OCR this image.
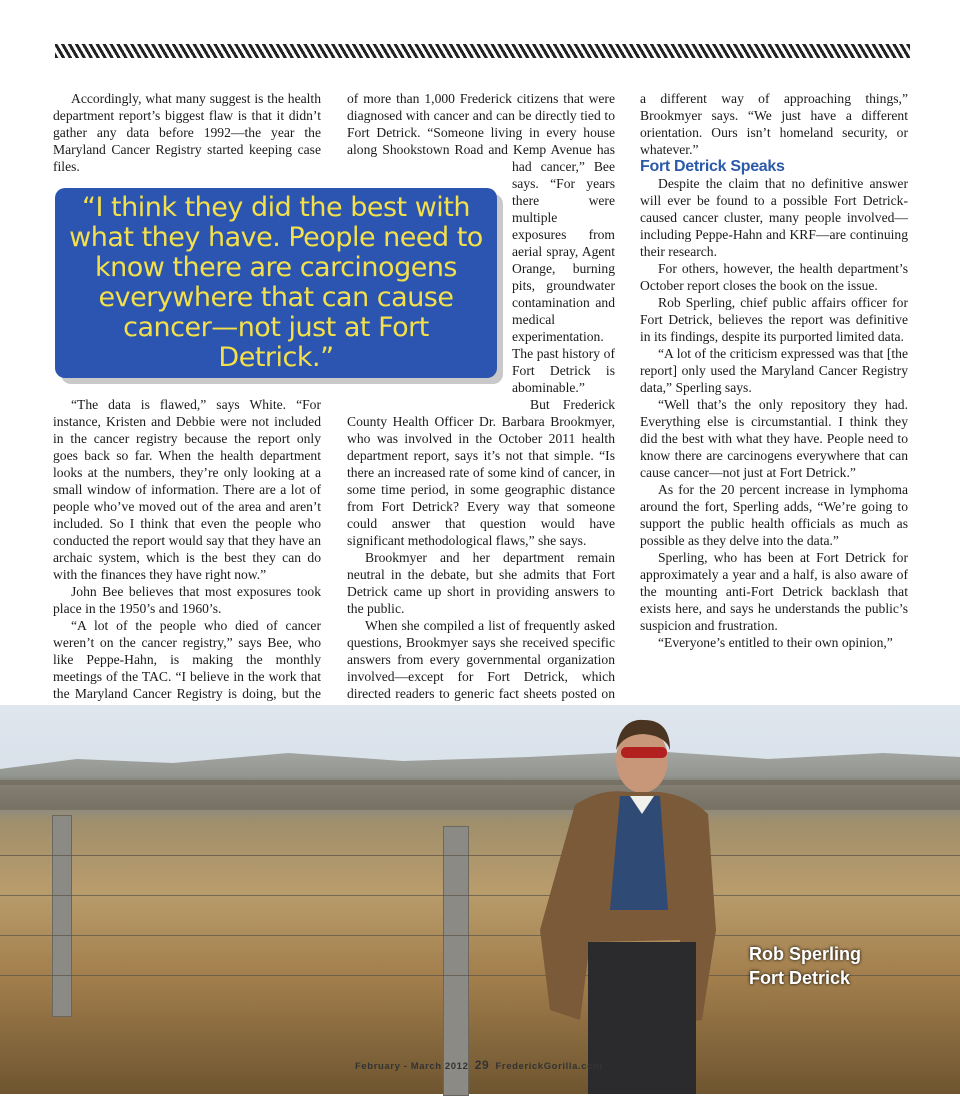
Accordingly, what many suggest is the health department report’s biggest flaw is that it didn’t gather any data before 1992—the year the Maryland Cancer Registry started keeping case files.

“I think they did the best with what they have. People need to know there are carcinogens everywhere that can cause cancer—not just at Fort Detrick.”

“The data is flawed,” says White. “For instance, Kristen and Debbie were not included in the cancer registry because the report only goes back so far. When the health department looks at the numbers, they’re only looking at a small window of information. There are a lot of people who’ve moved out of the area and aren’t included. So I think that even the people who conducted the report would say that they have an archaic system, which is the best they can do with the finances they have right now.”

John Bee believes that most exposures took place in the 1950’s and 1960’s.

“A lot of the people who died of cancer weren’t on the cancer registry,” says Bee, who like Peppe-Hahn, is making the monthly meetings of the TAC. “I believe in the work that the Maryland Cancer Registry is doing, but the

of more than 1,000 Frederick citizens that were diagnosed with cancer and can be directly tied to Fort Detrick. “Someone living in every house along Shookstown Road and Kemp Avenue has had cancer,” Bee says. “For years there were multiple exposures from aerial spray, Agent Orange, burning pits, groundwater contamination and medical experimentation. The past history of Fort Detrick is abominable.”

But Frederick County Health Officer Dr. Barbara Brookmyer, who was involved in the October 2011 health department report, says it’s not that simple. “Is there an increased rate of some kind of cancer, in some time period, in some geographic distance from Fort Detrick? Every way that someone could answer that question would have significant methodological flaws,” she says.

Brookmyer and her department remain neutral in the debate, but she admits that Fort Detrick came up short in providing answers to the public.

When she compiled a list of frequently asked questions, Brookmyer says she received specific answers from every governmental organization involved—except for Fort Detrick, which directed readers to generic fact sheets posted on

a different way of approaching things,” Brookmyer says. “We just have a different orientation. Ours isn’t homeland security, or whatever.”

Fort Detrick Speaks

Despite the claim that no definitive answer will ever be found to a possible Fort Detrick-caused cancer cluster, many people involved—including Peppe-Hahn and KRF—are continuing their research.

For others, however, the health department’s October report closes the book on the issue.

Rob Sperling, chief public affairs officer for Fort Detrick, believes the report was definitive in its findings, despite its purported limited data.

“A lot of the criticism expressed was that [the report] only used the Maryland Cancer Registry data,” Sperling says.

“Well that’s the only repository they had. Everything else is circumstantial. I think they did the best with what they have. People need to know there are carcinogens everywhere that can cause cancer—not just at Fort Detrick.”

As for the 20 percent increase in lymphoma around the fort, Sperling adds, “We’re going to support the public health officials as much as possible as they delve into the data.”

Sperling, who has been at Fort Detrick for approximately a year and a half, is also aware of the mounting anti-Fort Detrick backlash that exists here, and says he understands the public’s suspicion and frustration.

“Everyone’s entitled to their own opinion,”

Rob Sperling
Fort Detrick
February - March 2012 29 FrederickGorilla.com
